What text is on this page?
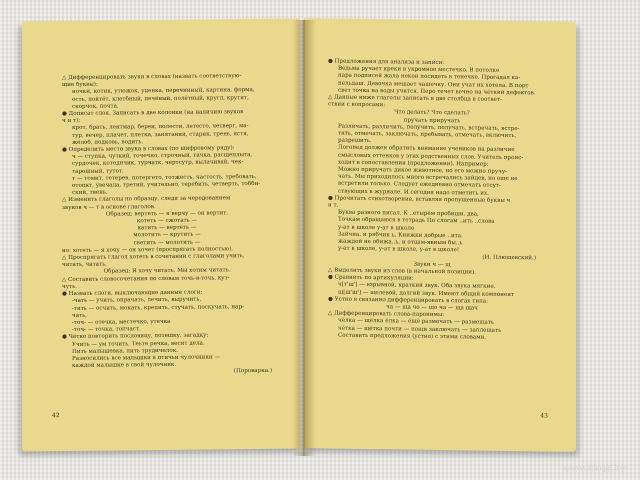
△ Дифференцировать звуки в словах (назвать соответствую-

щие буквы):

ночки, котик, утюжок, уценка, перечинный, картина, форма,

ость, пойтёт, клетбный, печёный, полётный, кругл, крутит,

скорчок, почта.

● Дописат слоя. Записать в две колонки (на наличию звуков

ч и т):

крот, брать, лентмар, береи, полести, летесто, четверг, ма-

тур, вечер, плачет, плетка, занятании, старик, трень, ястя,

жёлоб, подковь, водить.

● Определить место звука в словах (по шифровому ряду):

ч — ступка, чуткий, точечно, строчный, тачка, расщеплыта,

сурдочек, котеднчик, турчатк, чертсутр, вылачивай, чек-

тарошный, тутот.

т — томит, тетерев, потергето, тотжесть, частость, требовать,

отопкт, увечала, третий, учительно, теребить, четверть, тоббн-

ский, твень.

△ Изменить глаголы по образцу, следя за чередованием

звуков ч — т в основе глаголов.

Образец: вертеть — я верчу — он вертит.

котеть — сжотать —

катить — вертеть —

молотить — крутить —

светить — молотить —

но: хотеть — я хочу — он хочет (проспрягать полностью).

△ Проспрягать глагол хотеть в сочетании с глаголами учить,

читать, чатать.

Образец: Я хочу читать. Мы хотим читать.

△ Составить словосочетания по словам точь-в-точь, кут-

чуть.

● Назвать слоги, выключающие данные слоги:

-чать — учить, опрачать, лечить, выручить,

-тить — осчить, мокать, крепить, стучать, поскучать, нар-

чать,

-точ- — отечка, местечко, утечка

-точ- — точка, топчаст.

● Чётко повторить пословицу, потешку, загадку:

Учить — ум точить. Теьте речка, весит дела.

Пить малышевка, пить трудичелок.

Разносились все малышки в птичьи чулочники —

каждой малышке в свой чулочник.

(Пороварка.)

42

● Предложения для анализа и записи:

Ведьма ручает креки в укромное местечко. В потолке

пара подписей жала некон посидеть в тенечке. Прогадал ка-

пельдаш. Девочка мешает чашечку. Они учат их хотела. В порт

свет точка на воды учится. Перо течет вечно на чёткий дефектов.

△ Данные ниже глаголы записать в две столбца в соответ-

ствии с вопросами:

Что делать? Что сделать?

пручать приручать

Различать, различить, получить, получать, встречать, встре-

тить, отмечать, заключать, пребывать, отмечать, включить,

разрешить.

Логопед должен обратить внимание учеников на различие

смысловых оттенков у этих родственных слов. Учитель проис-

ходит в сопоставлении (предложении). Например:

Можно приручать дикое животное, но его можно пручу-

чать. Мы приходилось много встречались зайцев, но еще не

встретили только. Следует ежедневно отмечать отсут-

ствующих в журнале. И сегодня надо отметить их.

● Прочитать стихотворение, вставляя пропущенные буквы ч

и т.

Буква разного писал. К ..етырём пробиши. два,

Точкам обращаюся в тетрадь По слогам ..ить ..слова

у-ат в школе у-ат в школе

Зайчиа. и рябчик ь, Книжки добрые ..ита.

жаждой не обижа..ь, и отцам-явным бы..ь

у-ат в школе, у-ат в школе, у-ат в школе!

(И. Плющевский.)

Звуки ч — щ

△ Выделить звуки из слов (в начальной позиции).

● Сравнить по артикуляции:

ч[т'ш'] — взрывной, краткий звук. Оба звука мягкие.

щ[ш'ш'] — щелевой, долгий звук. Имеют общий компонент

● Устно в связанно дифференцировать в слогах типа:

ча — ща чо — що ча — ща щач

△ Дифференцировать слова-паронимы:

чёлка — щёлка ёлка — ёщё размечать — размещать

чётка — щётка почти — пощи заключать — заплещать

Составить предложения (устно) с этими словами.

43
www.kniga.by
